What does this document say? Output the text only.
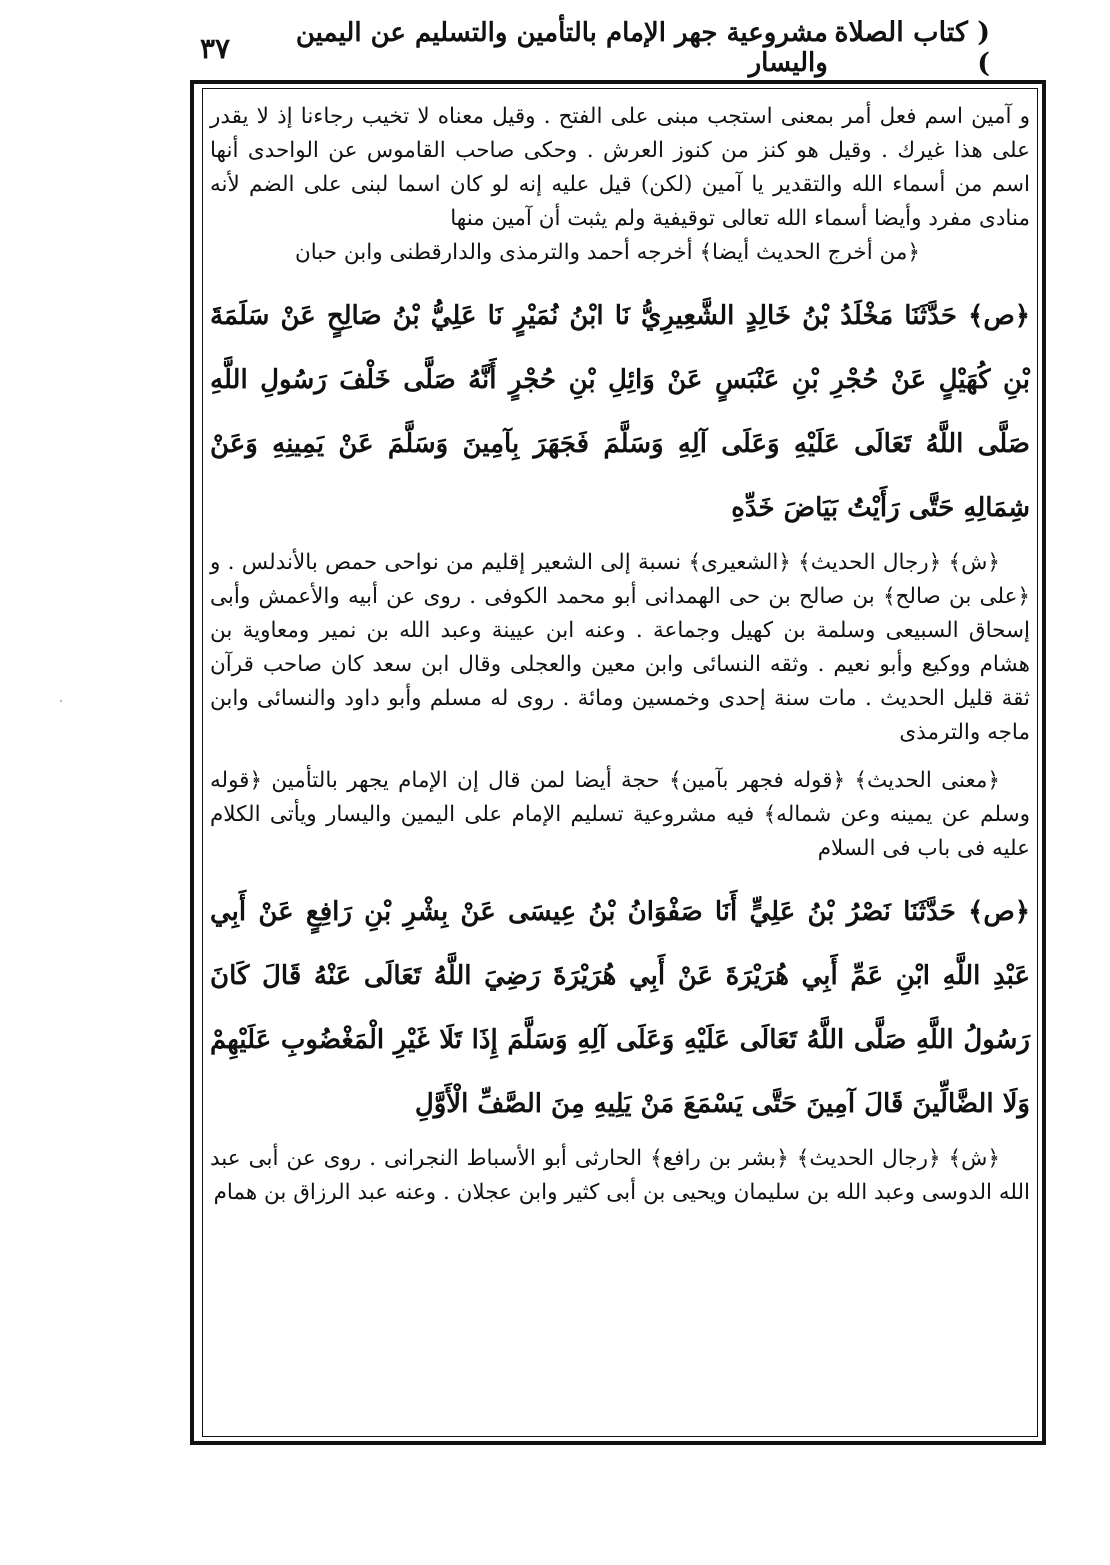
( كتاب الصلاة )
مشروعية جهر الإمام بالتأمين والتسليم عن اليمين واليسار
٣٧

و آمين اسم فعل أمر بمعنى استجب مبنى على الفتح . وقيل معناه لا تخيب رجاءنا إذ لا يقدر على هذا غيرك . وقيل هو كنز من كنوز العرش . وحكى صاحب القاموس عن الواحدى أنها اسم من أسماء الله والتقدير يا آمين (لكن) قيل عليه إنه لو كان اسما لبنى على الضم لأنه منادى مفرد وأيضا أسماء الله تعالى توقيفية ولم يثبت أن آمين منها

﴿من أخرج الحديث أيضا﴾ أخرجه أحمد والترمذى والدارقطنى وابن حبان

﴿ص﴾ حَدَّثَنَا مَخْلَدُ بْنُ خَالِدٍ الشَّعِيرِيُّ نَا ابْنُ نُمَيْرٍ نَا عَلِيُّ بْنُ صَالِحٍ عَنْ سَلَمَةَ بْنِ كُهَيْلٍ عَنْ حُجْرِ بْنِ عَنْبَسٍ عَنْ وَائِلِ بْنِ حُجْرٍ أَنَّهُ صَلَّى خَلْفَ رَسُولِ اللَّهِ صَلَّى اللَّهُ تَعَالَى عَلَيْهِ وَعَلَى آلِهِ وَسَلَّمَ فَجَهَرَ بِآمِينَ وَسَلَّمَ عَنْ يَمِينِهِ وَعَنْ شِمَالِهِ حَتَّى رَأَيْتُ بَيَاضَ خَدِّهِ

﴿ش﴾ ﴿رجال الحديث﴾ ﴿الشعيرى﴾ نسبة إلى الشعير إقليم من نواحى حمص بالأندلس . و ﴿على بن صالح﴾ بن صالح بن حى الهمدانى أبو محمد الكوفى . روى عن أبيه والأعمش وأبى إسحاق السبيعى وسلمة بن كهيل وجماعة . وعنه ابن عيينة وعبد الله بن نمير ومعاوية بن هشام ووكيع وأبو نعيم . وثقه النسائى وابن معين والعجلى وقال ابن سعد كان صاحب قرآن ثقة قليل الحديث . مات سنة إحدى وخمسين ومائة . روى له مسلم وأبو داود والنسائى وابن ماجه والترمذى

﴿معنى الحديث﴾ ﴿قوله فجهر بآمين﴾ حجة أيضا لمن قال إن الإمام يجهر بالتأمين ﴿قوله وسلم عن يمينه وعن شماله﴾ فيه مشروعية تسليم الإمام على اليمين واليسار ويأتى الكلام عليه فى باب فى السلام

﴿ص﴾ حَدَّثَنَا نَصْرُ بْنُ عَلِيٍّ أَنَا صَفْوَانُ بْنُ عِيسَى عَنْ بِشْرِ بْنِ رَافِعٍ عَنْ أَبِي عَبْدِ اللَّهِ ابْنِ عَمِّ أَبِي هُرَيْرَةَ عَنْ أَبِي هُرَيْرَةَ رَضِيَ اللَّهُ تَعَالَى عَنْهُ قَالَ كَانَ رَسُولُ اللَّهِ صَلَّى اللَّهُ تَعَالَى عَلَيْهِ وَعَلَى آلِهِ وَسَلَّمَ إِذَا تَلَا غَيْرِ الْمَغْضُوبِ عَلَيْهِمْ وَلَا الضَّالِّينَ قَالَ آمِينَ حَتَّى يَسْمَعَ مَنْ يَلِيهِ مِنَ الصَّفِّ الْأَوَّلِ

﴿ش﴾ ﴿رجال الحديث﴾ ﴿بشر بن رافع﴾ الحارثى أبو الأسباط النجرانى . روى عن أبى عبد الله الدوسى وعبد الله بن سليمان ويحيى بن أبى كثير وابن عجلان . وعنه عبد الرزاق بن همام
